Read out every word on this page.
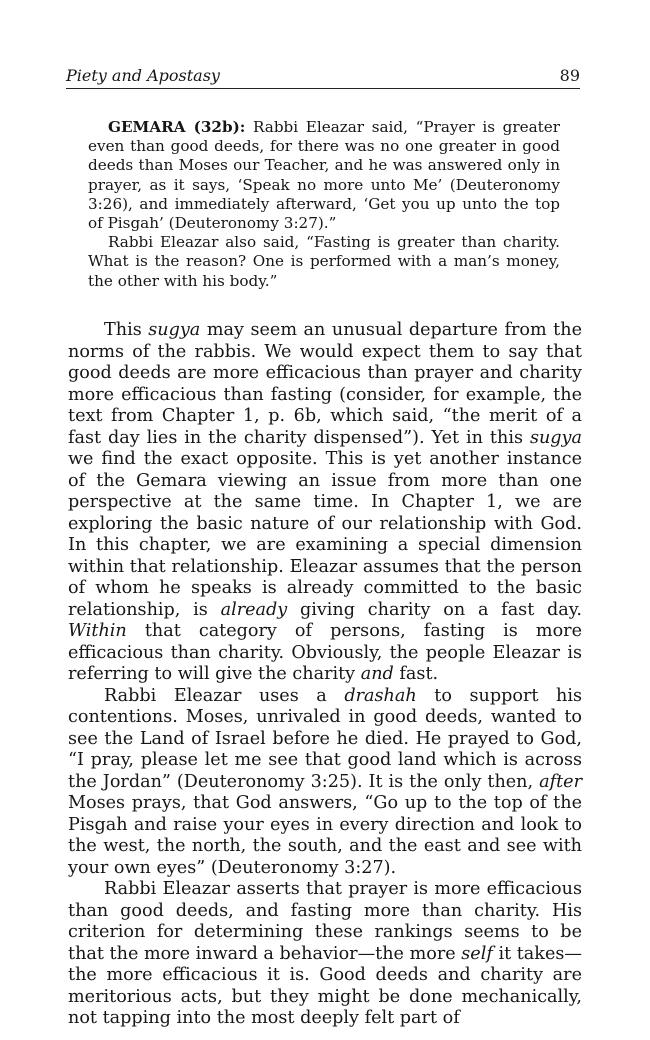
Piety and Apostasy	89

GEMARA (32b): Rabbi Eleazar said, “Prayer is greater even than good deeds, for there was no one greater in good deeds than Moses our Teacher, and he was answered only in prayer, as it says, ‘Speak no more unto Me’ (Deuteronomy 3:26), and immediately afterward, ‘Get you up unto the top of Pisgah’ (Deuteronomy 3:27).”

Rabbi Eleazar also said, “Fasting is greater than charity. What is the reason? One is performed with a man’s money, the other with his body.”

This sugya may seem an unusual departure from the norms of the rabbis. We would expect them to say that good deeds are more efficacious than prayer and charity more efficacious than fasting (consider, for example, the text from Chapter 1, p. 6b, which said, “the merit of a fast day lies in the charity dispensed”). Yet in this sugya we find the exact opposite. This is yet another instance of the Gemara viewing an issue from more than one perspective at the same time. In Chapter 1, we are exploring the basic nature of our relationship with God. In this chapter, we are examining a special dimension within that relationship. Eleazar assumes that the person of whom he speaks is already committed to the basic relationship, is already giving charity on a fast day. Within that category of persons, fasting is more efficacious than charity. Obviously, the people Eleazar is referring to will give the charity and fast.

Rabbi Eleazar uses a drashah to support his contentions. Moses, unrivaled in good deeds, wanted to see the Land of Israel before he died. He prayed to God, “I pray, please let me see that good land which is across the Jordan” (Deuteronomy 3:25). It is the only then, after Moses prays, that God answers, “Go up to the top of the Pisgah and raise your eyes in every direction and look to the west, the north, the south, and the east and see with your own eyes” (Deuteronomy 3:27).

Rabbi Eleazar asserts that prayer is more efficacious than good deeds, and fasting more than charity. His criterion for determining these rankings seems to be that the more inward a behavior—the more self it takes—the more efficacious it is. Good deeds and charity are meritorious acts, but they might be done mechanically, not tapping into the most deeply felt part of
